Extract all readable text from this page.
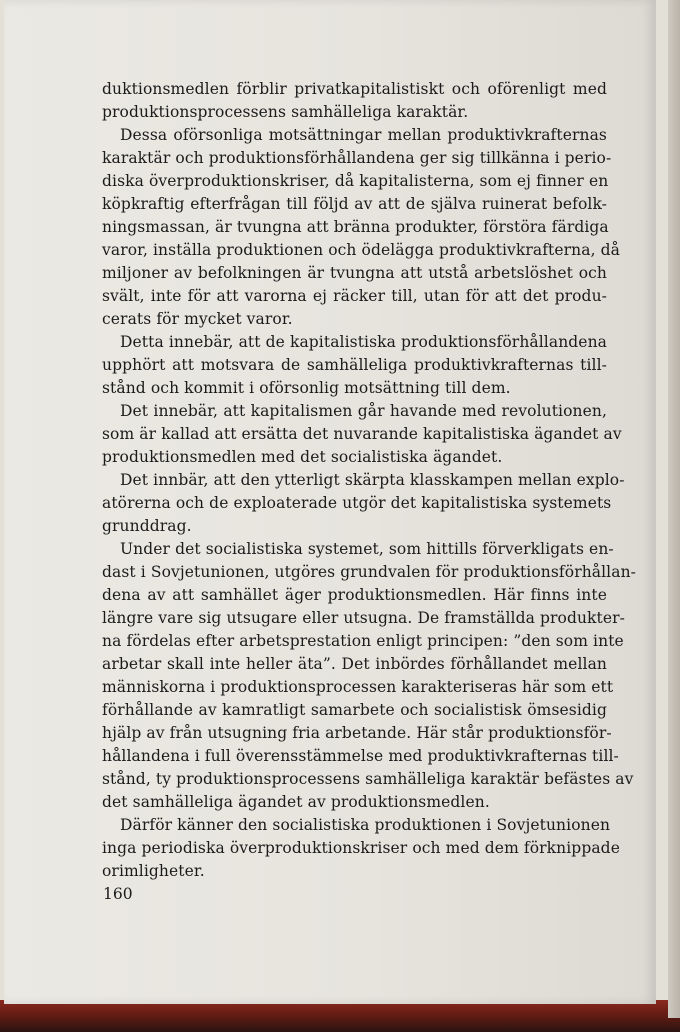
duktionsmedlen förblir privatkapitalistiskt och oförenligt med
produktionsprocessens samhälleliga karaktär.
Dessa oförsonliga motsättningar mellan produktivkrafternas
karaktär och produktionsförhållandena ger sig tillkänna i perio-
diska överproduktionskriser, då kapitalisterna, som ej finner en
köpkraftig efterfrågan till följd av att de själva ruinerat befolk-
ningsmassan, är tvungna att bränna produkter, förstöra färdiga
varor, inställa produktionen och ödelägga produktivkrafterna, då
miljoner av befolkningen är tvungna att utstå arbetslöshet och
svält, inte för att varorna ej räcker till, utan för att det produ-
cerats för mycket varor.
Detta innebär, att de kapitalistiska produktionsförhållandena
upphört att motsvara de samhälleliga produktivkrafternas till-
stånd och kommit i oförsonlig motsättning till dem.
Det innebär, att kapitalismen går havande med revolutionen,
som är kallad att ersätta det nuvarande kapitalistiska ägandet av
produktionsmedlen med det socialistiska ägandet.
Det innbär, att den ytterligt skärpta klasskampen mellan explo-
atörerna och de exploaterade utgör det kapitalistiska systemets
grunddrag.
Under det socialistiska systemet, som hittills förverkligats en-
dast i Sovjetunionen, utgöres grundvalen för produktionsförhållan-
dena av att samhället äger produktionsmedlen. Här finns inte
längre vare sig utsugare eller utsugna. De framställda produkter-
na fördelas efter arbetsprestation enligt principen: ”den som inte
arbetar skall inte heller äta”. Det inbördes förhållandet mellan
människorna i produktionsprocessen karakteriseras här som ett
förhållande av kamratligt samarbete och socialistisk ömsesidig
hjälp av från utsugning fria arbetande. Här står produktionsför-
hållandena i full överensstämmelse med produktivkrafternas till-
stånd, ty produktionsprocessens samhälleliga karaktär befästes av
det samhälleliga ägandet av produktionsmedlen.
Därför känner den socialistiska produktionen i Sovjetunionen
inga periodiska överproduktionskriser och med dem förknippade
orimligheter.
160
